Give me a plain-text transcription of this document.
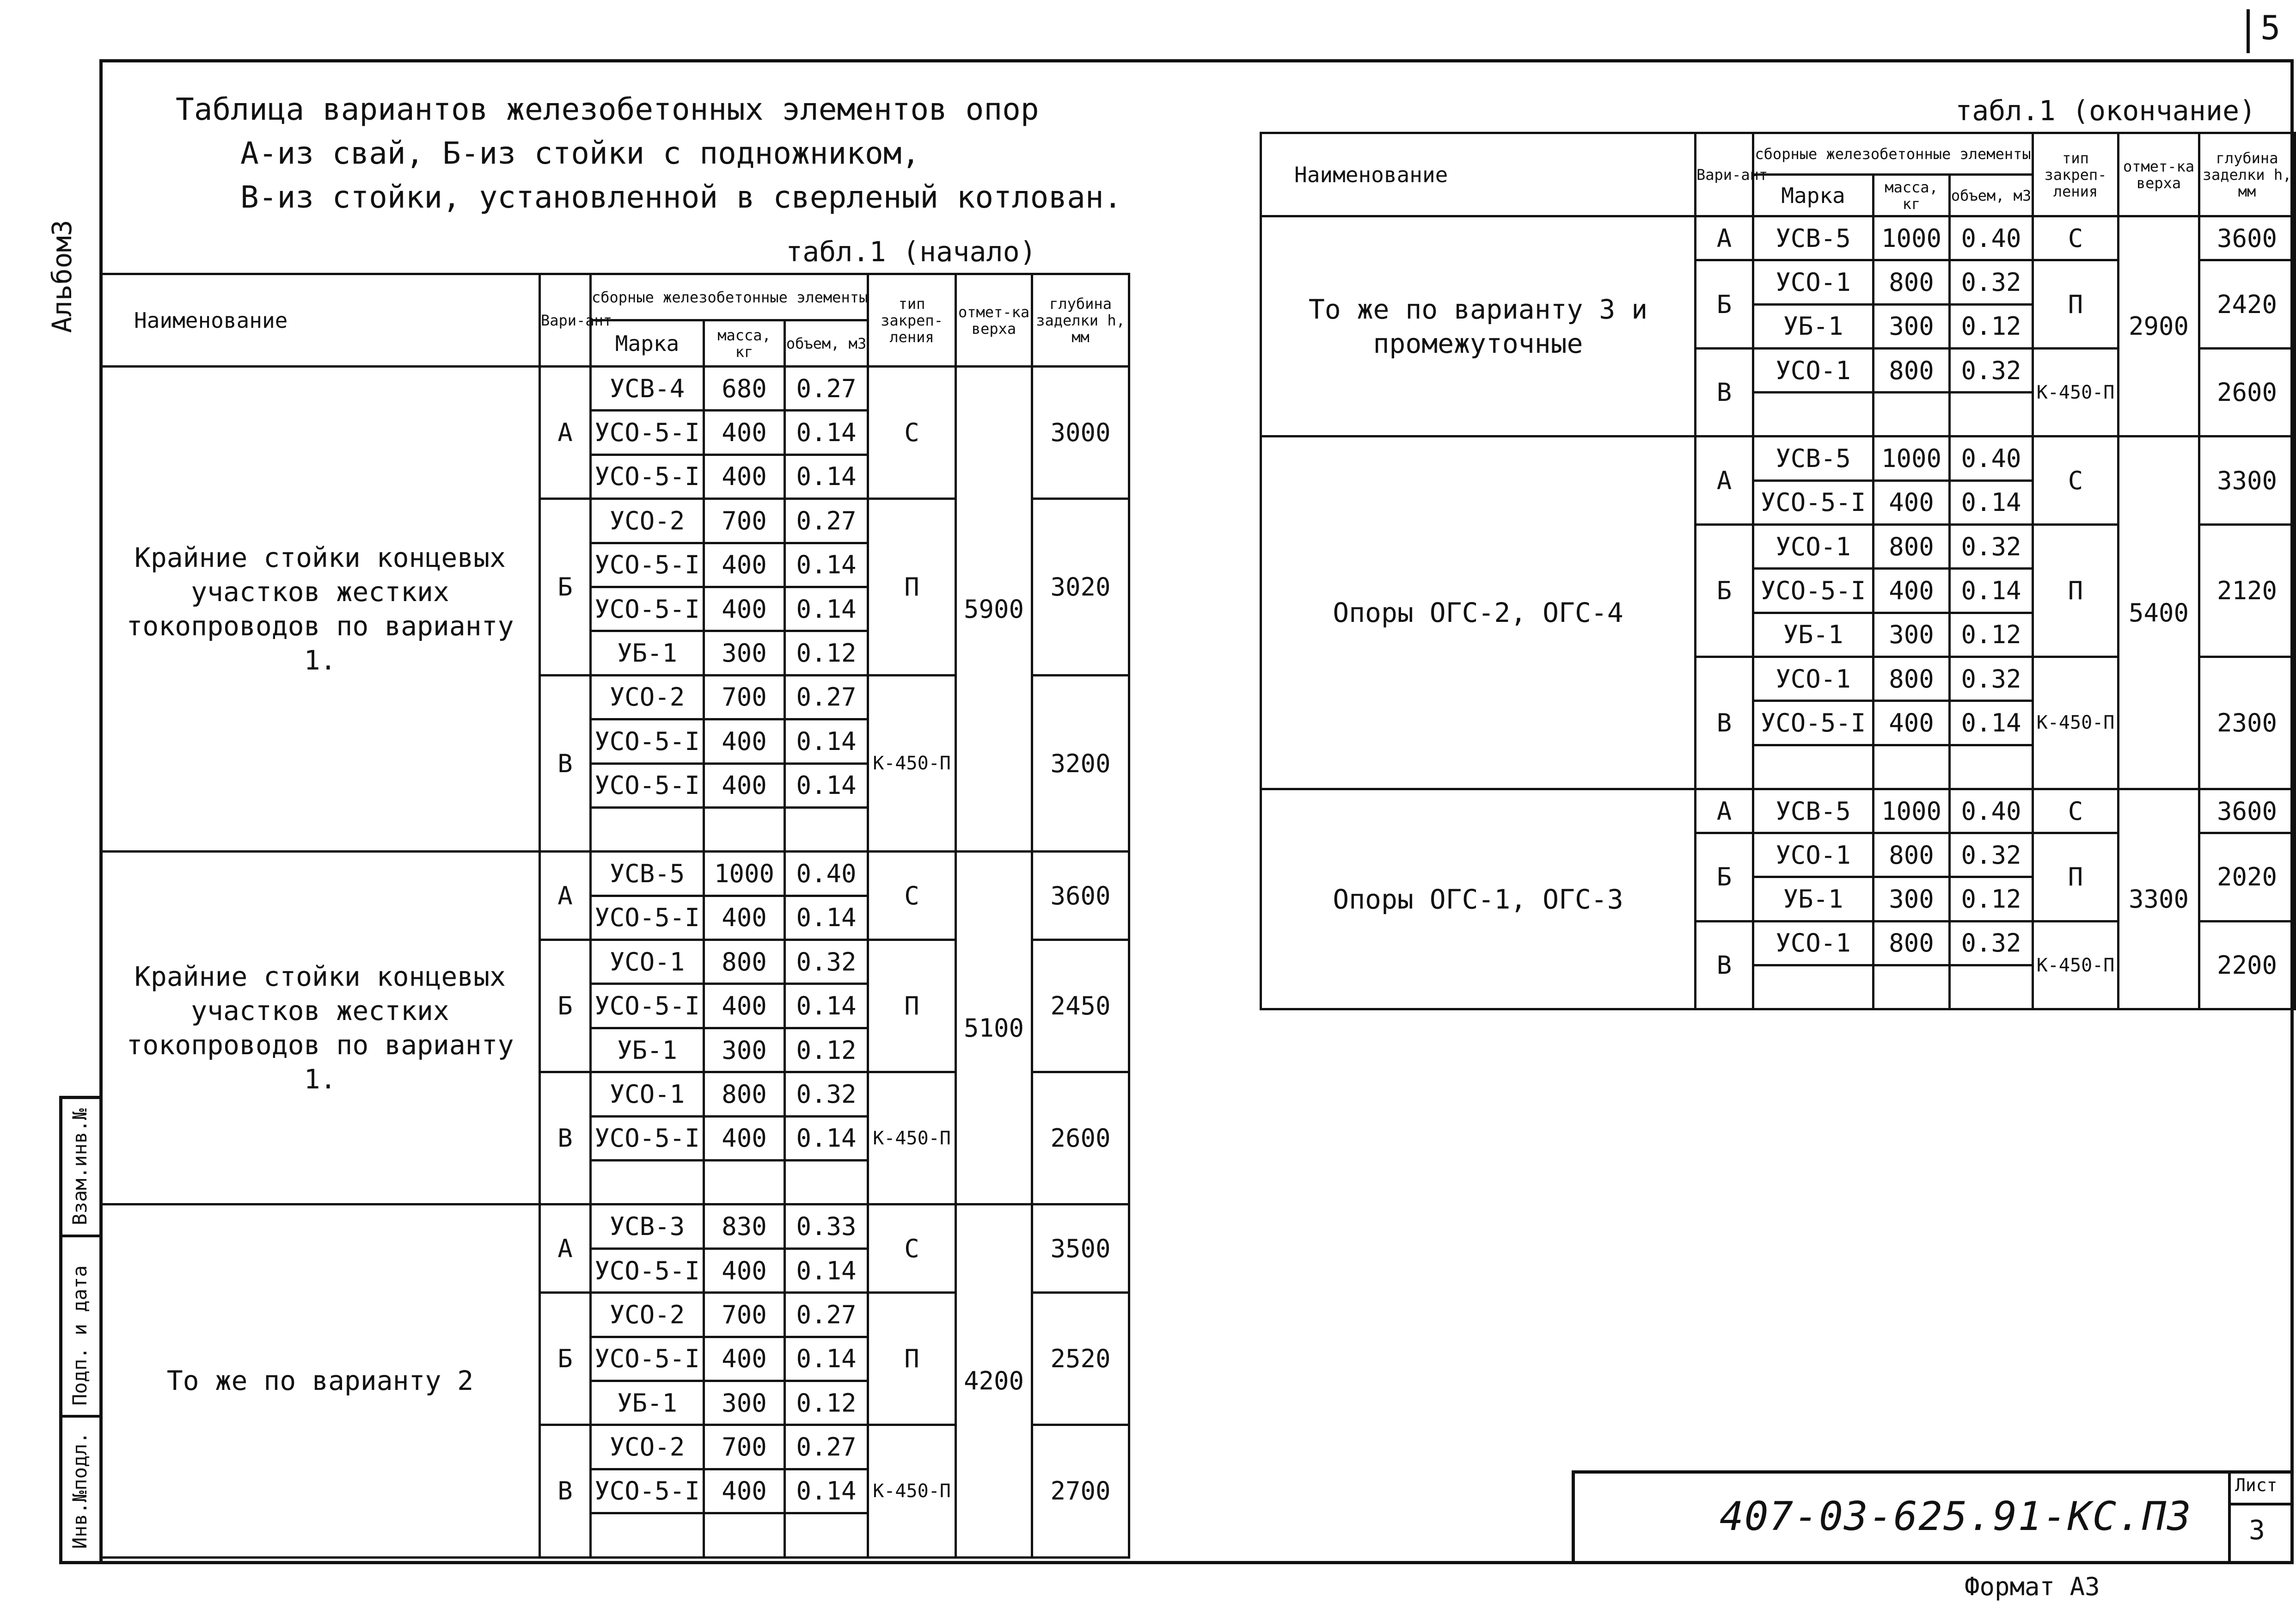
5
Альбом3
Инв.№подл.
Подп. и дата
Взам.инв.№
Таблица вариантов железобетонных элементов опор
А-из свай, Б-из стойки с подножником,
В-из стойки, установленной в сверленый котлован.
табл.1 (начало)
табл.1 (окончание)
Наименование	Вари-ант	сборные железобетонные элементы			тип закреп-ления	отмет-ка верха	глубина заделки h, мм
		Марка	масса, кг	объем, м3			
Крайние стойки концевых участков жестких токопроводов по варианту 1.	А	УСВ-4	680	0.27	С	5900	3000
		УСО-5-I	400	0.14			
		УСО-5-I	400	0.14			
	Б	УСО-2	700	0.27	П		3020
		УСО-5-I	400	0.14			
		УСО-5-I	400	0.14			
		УБ-1	300	0.12			
	В	УСО-2	700	0.27	К-450-П		3200
		УСО-5-I	400	0.14			
		УСО-5-I	400	0.14			

Крайние стойки концевых участков жестких токопроводов по варианту 1.	А	УСВ-5	1000	0.40	С	5100	3600
		УСО-5-I	400	0.14			
	Б	УСО-1	800	0.32	П		2450
		УСО-5-I	400	0.14			
		УБ-1	300	0.12			
	В	УСО-1	800	0.32	К-450-П		2600
		УСО-5-I	400	0.14			

То же по варианту 2	А	УСВ-3	830	0.33	С	4200	3500
		УСО-5-I	400	0.14			
	Б	УСО-2	700	0.27	П		2520
		УСО-5-I	400	0.14			
		УБ-1	300	0.12			
	В	УСО-2	700	0.27	К-450-П		2700
		УСО-5-I	400	0.14			

Наименование	Вари-ант	сборные железобетонные элементы			тип закреп-ления	отмет-ка верха	глубина заделки h, мм
		Марка	масса, кг	объем, м3			
То же по варианту 3 и промежуточные	А	УСВ-5	1000	0.40	С	2900	3600
	Б	УСО-1	800	0.32	П		2420
		УБ-1	300	0.12			
	В	УСО-1	800	0.32	К-450-П		2600

Опоры ОГС-2, ОГС-4	А	УСВ-5	1000	0.40	С	5400	3300
		УСО-5-I	400	0.14			
	Б	УСО-1	800	0.32	П		2120
		УСО-5-I	400	0.14			
		УБ-1	300	0.12			
	В	УСО-1	800	0.32	К-450-П		2300
		УСО-5-I	400	0.14			

Опоры ОГС-1, ОГС-3	А	УСВ-5	1000	0.40	С	3300	3600
	Б	УСО-1	800	0.32	П		2020
		УБ-1	300	0.12			
	В	УСО-1	800	0.32	К-450-П		2200

407-03-625.91-КС.ПЗ
Лист
3
Формат А3
